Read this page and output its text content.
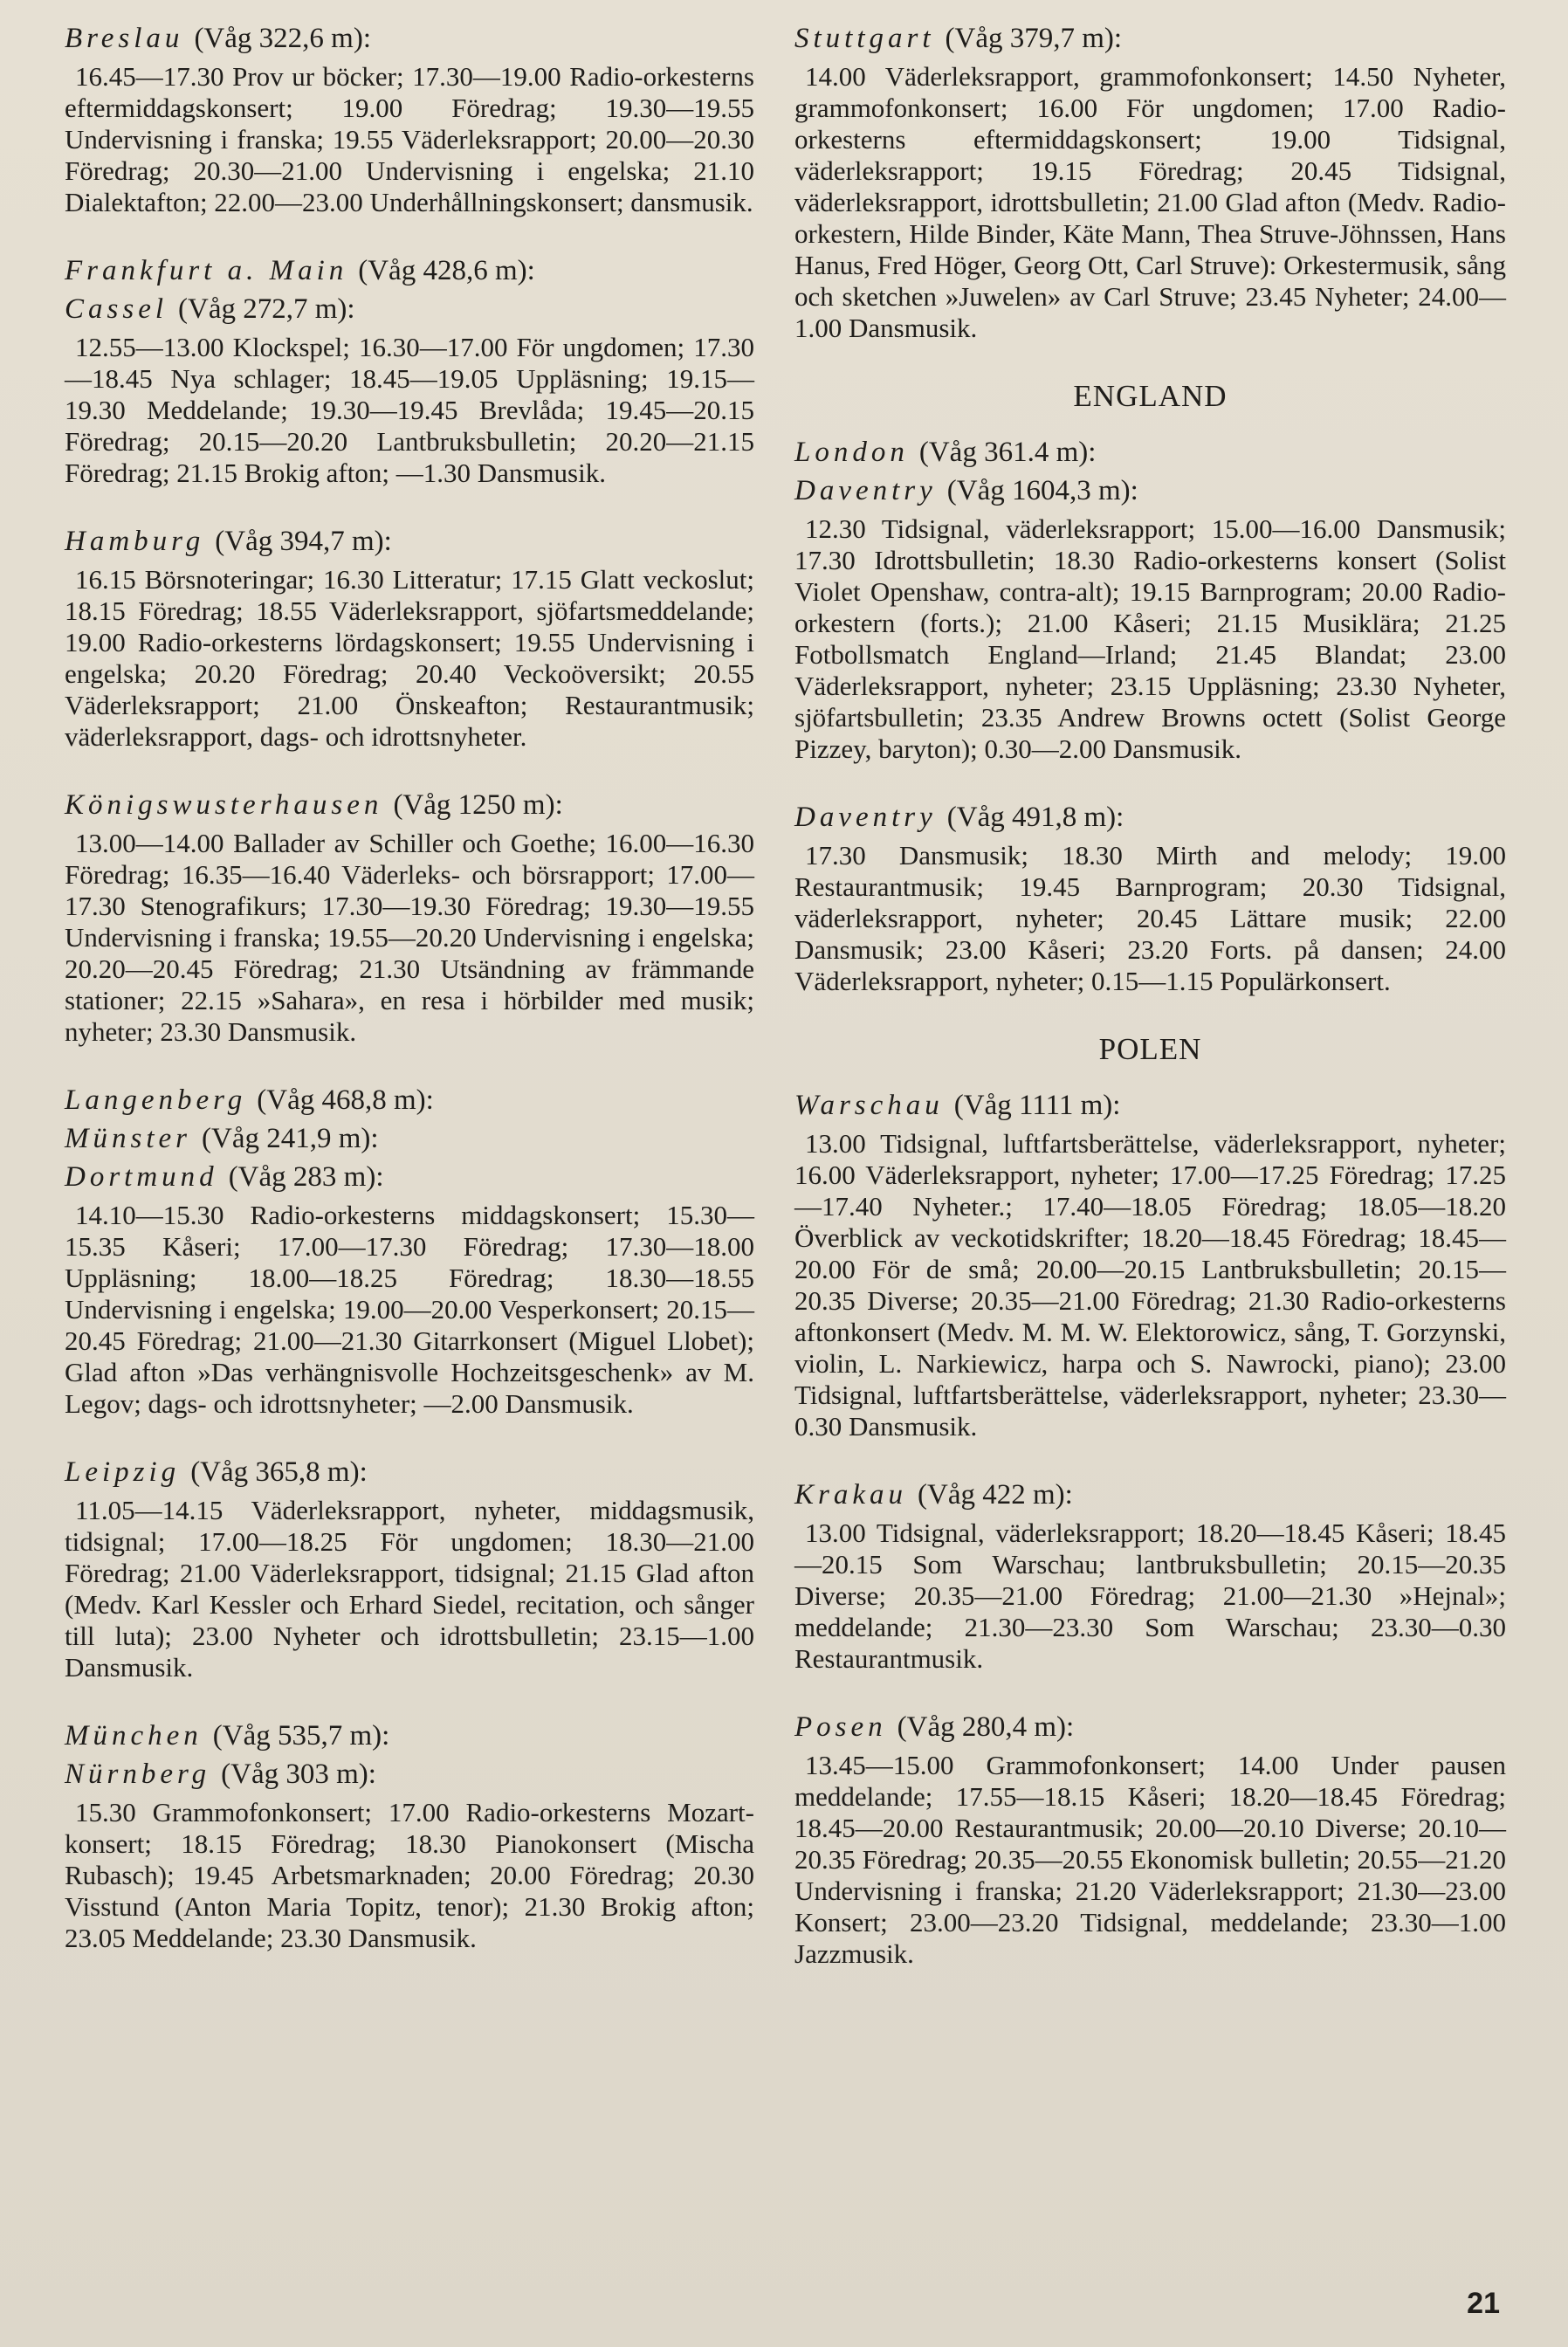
Breslau (Våg 322,6 m):

16.45—17.30 Prov ur böcker; 17.30—19.00 Radio-orkesterns eftermiddagskonsert; 19.00 Föredrag; 19.30—19.55 Undervisning i franska; 19.55 Väderleksrapport; 20.00—20.30 Föredrag; 20.30—21.00 Undervisning i engelska; 21.10 Dialektafton; 22.00—23.00 Underhållningskonsert; dansmusik.

Frankfurt a. Main (Våg 428,6 m):

Cassel (Våg 272,7 m):

12.55—13.00 Klockspel; 16.30—17.00 För ungdomen; 17.30—18.45 Nya schlager; 18.45—19.05 Uppläsning; 19.15—19.30 Meddelande; 19.30—19.45 Brevlåda; 19.45—20.15 Föredrag; 20.15—20.20 Lantbruksbulletin; 20.20—21.15 Föredrag; 21.15 Brokig afton; —1.30 Dansmusik.

Hamburg (Våg 394,7 m):

16.15 Börsnoteringar; 16.30 Litteratur; 17.15 Glatt veckoslut; 18.15 Föredrag; 18.55 Väderleksrapport, sjöfartsmeddelande; 19.00 Radio-orkesterns lördagskonsert; 19.55 Undervisning i engelska; 20.20 Föredrag; 20.40 Veckoöversikt; 20.55 Väderleksrapport; 21.00 Önskeafton; Restaurantmusik; väderleksrapport, dags- och idrottsnyheter.

Königswusterhausen (Våg 1250 m):

13.00—14.00 Ballader av Schiller och Goethe; 16.00—16.30 Föredrag; 16.35—16.40 Väderleks- och börsrapport; 17.00—17.30 Stenografikurs; 17.30—19.30 Föredrag; 19.30—19.55 Undervisning i franska; 19.55—20.20 Undervisning i engelska; 20.20—20.45 Föredrag; 21.30 Utsändning av främmande stationer; 22.15 »Sahara», en resa i hörbilder med musik; nyheter; 23.30 Dansmusik.

Langenberg (Våg 468,8 m):

Münster (Våg 241,9 m):

Dortmund (Våg 283 m):

14.10—15.30 Radio-orkesterns middagskonsert; 15.30—15.35 Kåseri; 17.00—17.30 Föredrag; 17.30—18.00 Uppläsning; 18.00—18.25 Föredrag; 18.30—18.55 Undervisning i engelska; 19.00—20.00 Vesperkonsert; 20.15—20.45 Föredrag; 21.00—21.30 Gitarrkonsert (Miguel Llobet); Glad afton »Das verhängnisvolle Hochzeitsgeschenk» av M. Legov; dags- och idrottsnyheter; —2.00 Dansmusik.

Leipzig (Våg 365,8 m):

11.05—14.15 Väderleksrapport, nyheter, middagsmusik, tidsignal; 17.00—18.25 För ungdomen; 18.30—21.00 Föredrag; 21.00 Väderleksrapport, tidsignal; 21.15 Glad afton (Medv. Karl Kessler och Erhard Siedel, recitation, och sånger till luta); 23.00 Nyheter och idrottsbulletin; 23.15—1.00 Dansmusik.

München (Våg 535,7 m):

Nürnberg (Våg 303 m):

15.30 Grammofonkonsert; 17.00 Radio-orkesterns Mozart-konsert; 18.15 Föredrag; 18.30 Pianokonsert (Mischa Rubasch); 19.45 Arbetsmarknaden; 20.00 Föredrag; 20.30 Visstund (Anton Maria Topitz, tenor); 21.30 Brokig afton; 23.05 Meddelande; 23.30 Dansmusik.

Stuttgart (Våg 379,7 m):

14.00 Väderleksrapport, grammofonkonsert; 14.50 Nyheter, grammofonkonsert; 16.00 För ungdomen; 17.00 Radio-orkesterns eftermiddagskonsert; 19.00 Tidsignal, väderleksrapport; 19.15 Föredrag; 20.45 Tidsignal, väderleksrapport, idrottsbulletin; 21.00 Glad afton (Medv. Radio-orkestern, Hilde Binder, Käte Mann, Thea Struve-Jöhnssen, Hans Hanus, Fred Höger, Georg Ott, Carl Struve): Orkestermusik, sång och sketchen »Juwelen» av Carl Struve; 23.45 Nyheter; 24.00—1.00 Dansmusik.

ENGLAND

London (Våg 361.4 m):

Daventry (Våg 1604,3 m):

12.30 Tidsignal, väderleksrapport; 15.00—16.00 Dansmusik; 17.30 Idrottsbulletin; 18.30 Radio-orkesterns konsert (Solist Violet Openshaw, contra-alt); 19.15 Barnprogram; 20.00 Radio-orkestern (forts.); 21.00 Kåseri; 21.15 Musiklära; 21.25 Fotbollsmatch England—Irland; 21.45 Blandat; 23.00 Väderleksrapport, nyheter; 23.15 Uppläsning; 23.30 Nyheter, sjöfartsbulletin; 23.35 Andrew Browns octett (Solist George Pizzey, baryton); 0.30—2.00 Dansmusik.

Daventry (Våg 491,8 m):

17.30 Dansmusik; 18.30 Mirth and melody; 19.00 Restaurantmusik; 19.45 Barnprogram; 20.30 Tidsignal, väderleksrapport, nyheter; 20.45 Lättare musik; 22.00 Dansmusik; 23.00 Kåseri; 23.20 Forts. på dansen; 24.00 Väderleksrapport, nyheter; 0.15—1.15 Populärkonsert.

POLEN

Warschau (Våg 1111 m):

13.00 Tidsignal, luftfartsberättelse, väderleksrapport, nyheter; 16.00 Väderleksrapport, nyheter; 17.00—17.25 Föredrag; 17.25—17.40 Nyheter.; 17.40—18.05 Föredrag; 18.05—18.20 Överblick av veckotidskrifter; 18.20—18.45 Föredrag; 18.45—20.00 För de små; 20.00—20.15 Lantbruksbulletin; 20.15—20.35 Diverse; 20.35—21.00 Föredrag; 21.30 Radio-orkesterns aftonkonsert (Medv. M. M. W. Elektorowicz, sång, T. Gorzynski, violin, L. Narkiewicz, harpa och S. Nawrocki, piano); 23.00 Tidsignal, luftfartsberättelse, väderleksrapport, nyheter; 23.30—0.30 Dansmusik.

Krakau (Våg 422 m):

13.00 Tidsignal, väderleksrapport; 18.20—18.45 Kåseri; 18.45—20.15 Som Warschau; lantbruksbulletin; 20.15—20.35 Diverse; 20.35—21.00 Föredrag; 21.00—21.30 »Hejnal»; meddelande; 21.30—23.30 Som Warschau; 23.30—0.30 Restaurantmusik.

Posen (Våg 280,4 m):

13.45—15.00 Grammofonkonsert; 14.00 Under pausen meddelande; 17.55—18.15 Kåseri; 18.20—18.45 Föredrag; 18.45—20.00 Restaurantmusik; 20.00—20.10 Diverse; 20.10—20.35 Föredrag; 20.35—20.55 Ekonomisk bulletin; 20.55—21.20 Undervisning i franska; 21.20 Väderleksrapport; 21.30—23.00 Konsert; 23.00—23.20 Tidsignal, meddelande; 23.30—1.00 Jazzmusik.

21
